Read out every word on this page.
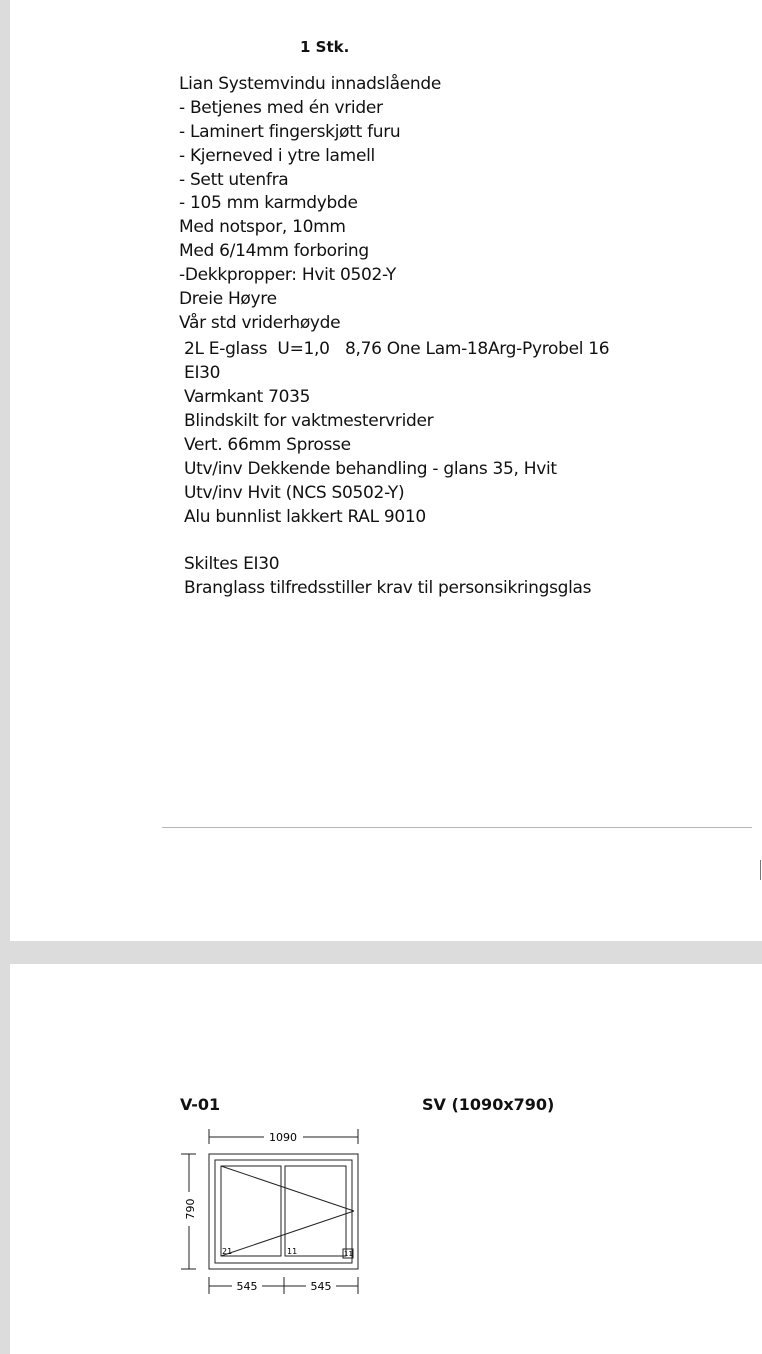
1 Stk.
Lian Systemvindu innadslående
- Betjenes med én vrider
- Laminert fingerskjøtt furu
- Kjerneved i ytre lamell
- Sett utenfra
- 105 mm karmdybde
Med notspor, 10mm
Med 6/14mm forboring
-Dekkpropper: Hvit 0502-Y
Dreie Høyre
Vår std vriderhøyde
2L E-glass  U=1,0   8,76 One Lam-18Arg-Pyrobel 16
EI30
Varmkant 7035
Blindskilt for vaktmestervrider
Vert. 66mm Sprosse
Utv/inv Dekkende behandling - glans 35, Hvit
Utv/inv Hvit (NCS S0502-Y)
Alu bunnlist lakkert RAL 9010
Skiltes EI30
Branglass tilfredsstiller krav til personsikringsglas
V-01	SV (1090x790)
1090
790
545	545
21	11	11
